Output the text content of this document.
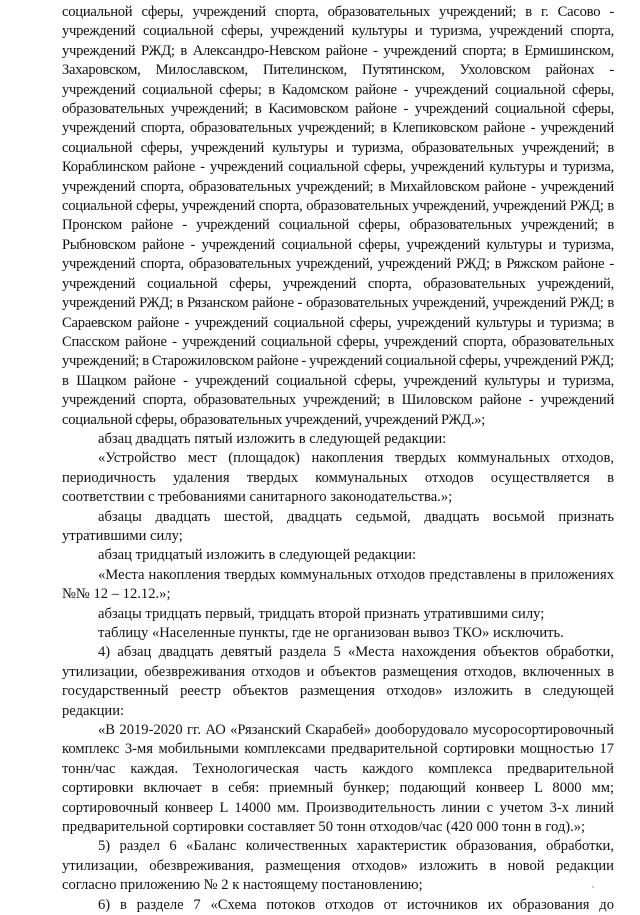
социальной сферы, учреждений спорта, образовательных учреждений; в г. Сасово - учреждений социальной сферы, учреждений культуры и туризма, учреждений спорта, учреждений РЖД; в Александро-Невском районе - учреждений спорта; в Ермишинском, Захаровском, Милославском, Пителинском, Путятинском, Ухоловском районах - учреждений социальной сферы; в Кадомском районе - учреждений социальной сферы, образовательных учреждений; в Касимовском районе - учреждений социальной сферы, учреждений спорта, образовательных учреждений; в Клепиковском районе - учреждений социальной сферы, учреждений культуры и туризма, образовательных учреждений; в Кораблинском районе - учреждений социальной сферы, учреждений культуры и туризма, учреждений спорта, образовательных учреждений; в Михайловском районе - учреждений социальной сферы, учреждений спорта, образовательных учреждений, учреждений РЖД; в Пронском районе - учреждений социальной сферы, образовательных учреждений; в Рыбновском районе - учреждений социальной сферы, учреждений культуры и туризма, учреждений спорта, образовательных учреждений, учреждений РЖД; в Ряжском районе - учреждений социальной сферы, учреждений спорта, образовательных учреждений, учреждений РЖД; в Рязанском районе - образовательных учреждений, учреждений РЖД; в Сараевском районе - учреждений социальной сферы, учреждений культуры и туризма; в Спасском районе - учреждений социальной сферы, учреждений спорта, образовательных учреждений; в Старожиловском районе - учреждений социальной сферы, учреждений РЖД; в Шацком районе - учреждений социальной сферы, учреждений культуры и туризма, учреждений спорта, образовательных учреждений; в Шиловском районе - учреждений социальной сферы, образовательных учреждений, учреждений РЖД.»;

абзац двадцать пятый изложить в следующей редакции:

«Устройство мест (площадок) накопления твердых коммунальных отходов, периодичность удаления твердых коммунальных отходов осуществляется в соответствии с требованиями санитарного законодательства.»;

абзацы двадцать шестой, двадцать седьмой, двадцать восьмой признать утратившими силу;

абзац тридцатый изложить в следующей редакции:

«Места накопления твердых коммунальных отходов представлены в приложениях №№ 12 – 12.12.»;

абзацы тридцать первый, тридцать второй признать утратившими силу;

таблицу «Населенные пункты, где не организован вывоз ТКО» исключить.

4) абзац двадцать девятый раздела 5 «Места нахождения объектов обработки, утилизации, обезвреживания отходов и объектов размещения отходов, включенных в государственный реестр объектов размещения отходов» изложить в следующей редакции:

«В 2019-2020 гг. АО «Рязанский Скарабей» дооборудовало мусоросортировочный комплекс 3-мя мобильными комплексами предварительной сортировки мощностью 17 тонн/час каждая. Технологическая часть каждого комплекса предварительной сортировки включает в себя: приемный бункер; подающий конвеер L 8000 мм; сортировочный конвеер L 14000 мм. Производительность линии с учетом 3-х линий предварительной сортировки составляет 50 тонн отходов/час (420 000 тонн в год).»;

5) раздел 6 «Баланс количественных характеристик образования, обработки, утилизации, обезвреживания, размещения отходов» изложить в новой редакции согласно приложению № 2 к настоящему постановлению;

6) в разделе 7 «Схема потоков отходов от источников их образования до
